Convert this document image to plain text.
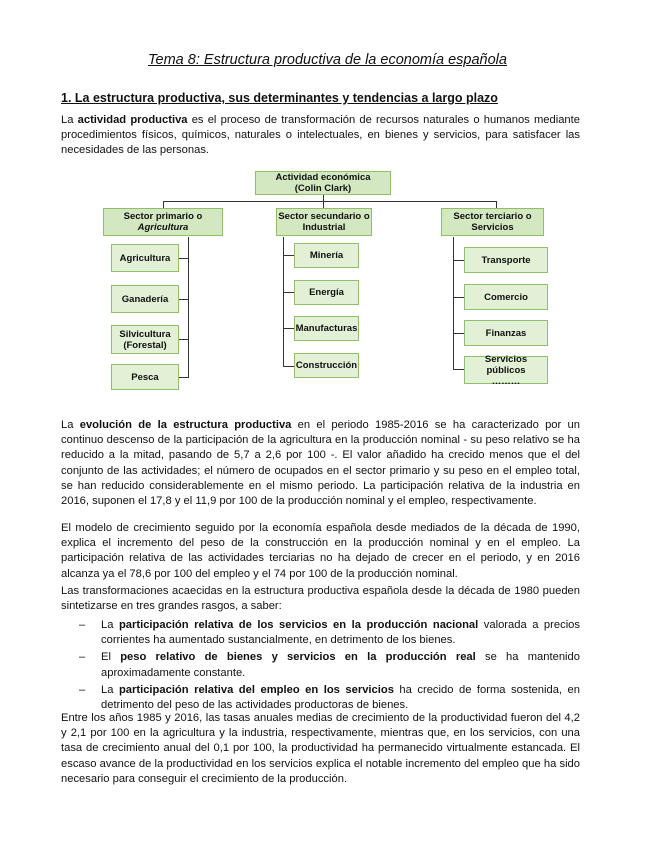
Tema 8: Estructura productiva de la economía española
1. La estructura productiva, sus determinantes y tendencias a largo plazo
La actividad productiva es el proceso de transformación de recursos naturales o humanos mediante procedimientos físicos, químicos, naturales o intelectuales, en bienes y servicios, para satisfacer las necesidades de las personas.
Actividad económica
(Colin Clark)
Sector primario o
Agricultura
Sector secundario o
Industrial
Sector terciario o
Servicios
Agricultura
Ganadería
Silvicultura
(Forestal)
Pesca
Minería
Energía
Manufacturas
Construcción
Transporte
Comercio
Finanzas
Servicios públicos
………
La evolución de la estructura productiva en el periodo 1985-2016 se ha caracterizado por un continuo descenso de la participación de la agricultura en la producción nominal - su peso relativo se ha reducido a la mitad, pasando de 5,7 a 2,6 por 100 -. El valor añadido ha crecido menos que el del conjunto de las actividades; el número de ocupados en el sector primario y su peso en el empleo total, se han reducido considerablemente en el mismo periodo. La participación relativa de la industria en 2016, suponen el 17,8 y el 11,9 por 100 de la producción nominal y el empleo, respectivamente.
El modelo de crecimiento seguido por la economía española desde mediados de la década de 1990, explica el incremento del peso de la construcción en la producción nominal y en el empleo. La participación relativa de las actividades terciarias no ha dejado de crecer en el periodo, y en 2016 alcanza ya el 78,6 por 100 del empleo y el 74 por 100 de la producción nominal.
Las transformaciones acaecidas en la estructura productiva española desde la década de 1980 pueden sintetizarse en tres grandes rasgos, a saber:
– La participación relativa de los servicios en la producción nacional valorada a precios corrientes ha aumentado sustancialmente, en detrimento de los bienes.
– El peso relativo de bienes y servicios en la producción real se ha mantenido aproximadamente constante.
– La participación relativa del empleo en los servicios ha crecido de forma sostenida, en detrimento del peso de las actividades productoras de bienes.
Entre los años 1985 y 2016, las tasas anuales medias de crecimiento de la productividad fueron del 4,2 y 2,1 por 100 en la agricultura y la industria, respectivamente, mientras que, en los servicios, con una tasa de crecimiento anual del 0,1 por 100, la productividad ha permanecido virtualmente estancada. El escaso avance de la productividad en los servicios explica el notable incremento del empleo que ha sido necesario para conseguir el crecimiento de la producción.
